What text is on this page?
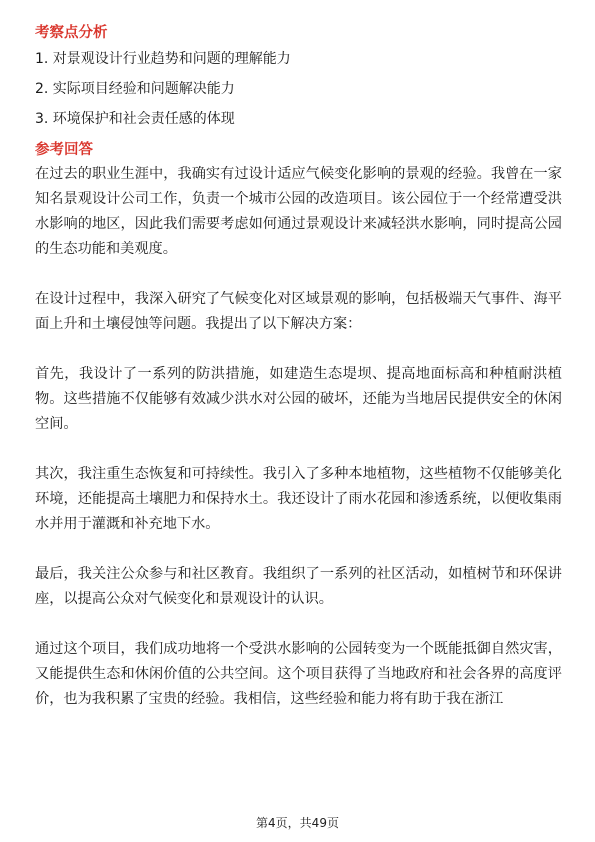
考察点分析
1. 对景观设计行业趋势和问题的理解能力
2. 实际项目经验和问题解决能力
3. 环境保护和社会责任感的体现
参考回答

在过去的职业生涯中，我确实有过设计适应气候变化影响的景观的经验。我曾在一家知名景观设计公司工作，负责一个城市公园的改造项目。该公园位于一个经常遭受洪水影响的地区，因此我们需要考虑如何通过景观设计来减轻洪水影响，同时提高公园的生态功能和美观度。

在设计过程中，我深入研究了气候变化对区域景观的影响，包括极端天气事件、海平面上升和土壤侵蚀等问题。我提出了以下解决方案：

首先，我设计了一系列的防洪措施，如建造生态堤坝、提高地面标高和种植耐洪植物。这些措施不仅能够有效减少洪水对公园的破坏，还能为当地居民提供安全的休闲空间。

其次，我注重生态恢复和可持续性。我引入了多种本地植物，这些植物不仅能够美化环境，还能提高土壤肥力和保持水土。我还设计了雨水花园和渗透系统，以便收集雨水并用于灌溉和补充地下水。

最后，我关注公众参与和社区教育。我组织了一系列的社区活动，如植树节和环保讲座，以提高公众对气候变化和景观设计的认识。

通过这个项目，我们成功地将一个受洪水影响的公园转变为一个既能抵御自然灾害，又能提供生态和休闲价值的公共空间。这个项目获得了当地政府和社会各界的高度评价，也为我积累了宝贵的经验。我相信，这些经验和能力将有助于我在浙江

第4页，共49页
